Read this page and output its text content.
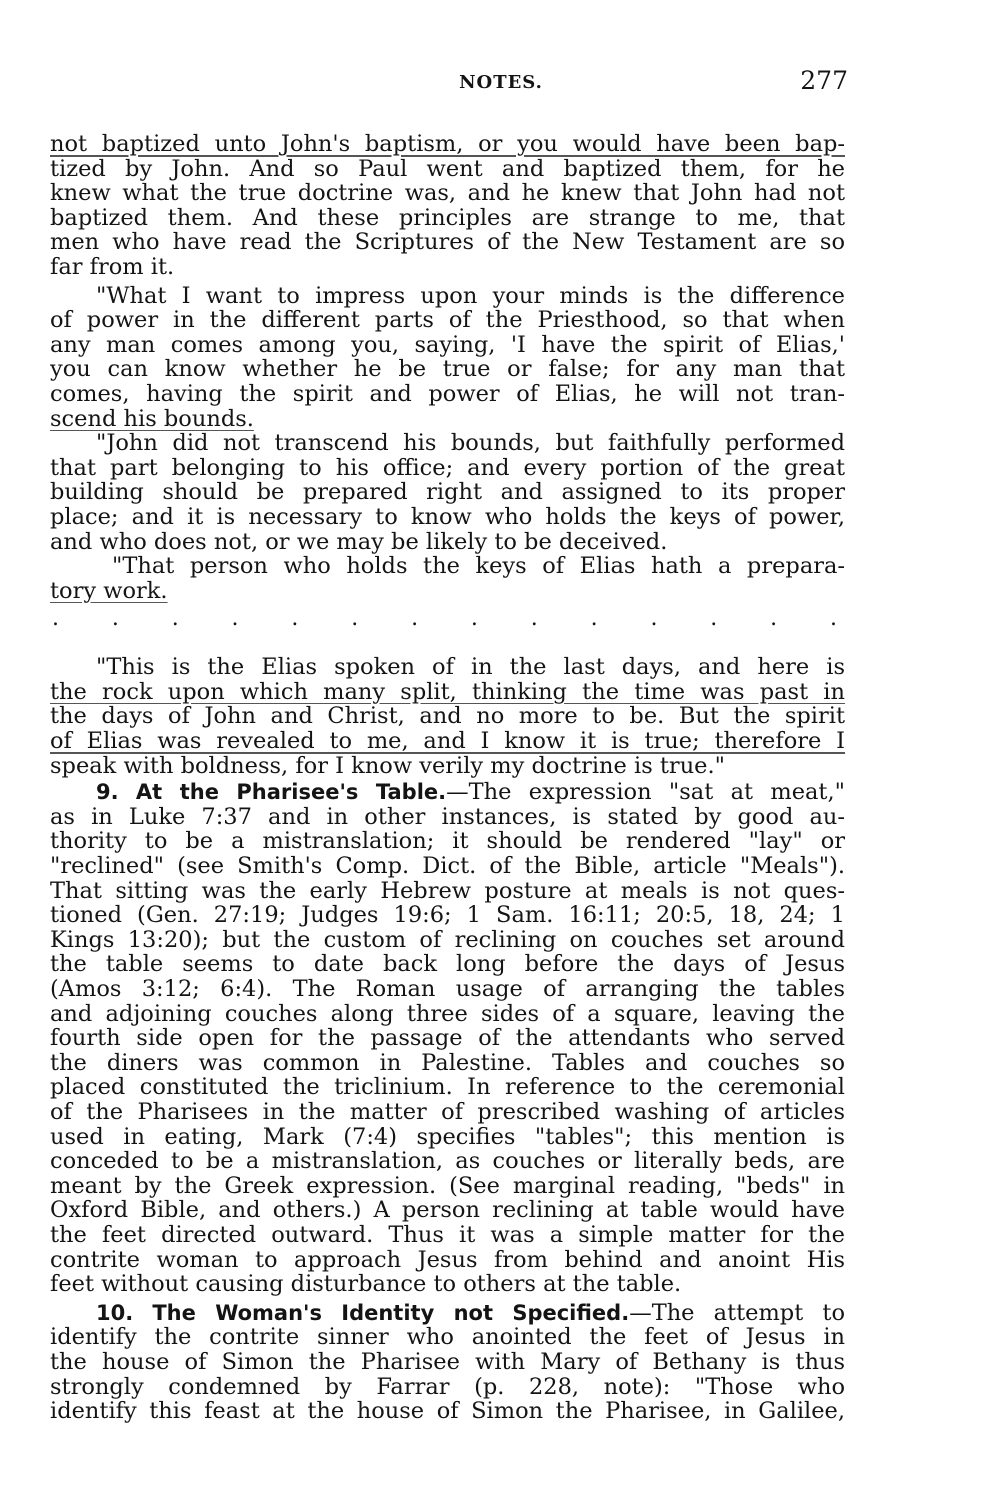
NOTES.	277
not baptized unto John's baptism, or you would have been bap-
tized by John. And so Paul went and baptized them, for he
knew what the true doctrine was, and he knew that John had not
baptized them. And these principles are strange to me, that
men who have read the Scriptures of the New Testament are so
far from it.
"What I want to impress upon your minds is the difference
of power in the different parts of the Priesthood, so that when
any man comes among you, saying, 'I have the spirit of Elias,'
you can know whether he be true or false; for any man that
comes, having the spirit and power of Elias, he will not tran-
scend his bounds.
"John did not transcend his bounds, but faithfully performed
that part belonging to his office; and every portion of the great
building should be prepared right and assigned to its proper
place; and it is necessary to know who holds the keys of power,
and who does not, or we may be likely to be deceived.
"That person who holds the keys of Elias hath a prepara-
tory work.
. . . . . . . . . . . . . .
"This is the Elias spoken of in the last days, and here is
the rock upon which many split, thinking the time was past in
the days of John and Christ, and no more to be. But the spirit
of Elias was revealed to me, and I know it is true; therefore I
speak with boldness, for I know verily my doctrine is true."
9. At the Pharisee's Table.—The expression "sat at meat,"
as in Luke 7:37 and in other instances, is stated by good au-
thority to be a mistranslation; it should be rendered "lay" or
"reclined" (see Smith's Comp. Dict. of the Bible, article "Meals").
That sitting was the early Hebrew posture at meals is not ques-
tioned (Gen. 27:19; Judges 19:6; 1 Sam. 16:11; 20:5, 18, 24; 1
Kings 13:20); but the custom of reclining on couches set around
the table seems to date back long before the days of Jesus
(Amos 3:12; 6:4). The Roman usage of arranging the tables
and adjoining couches along three sides of a square, leaving the
fourth side open for the passage of the attendants who served
the diners was common in Palestine. Tables and couches so
placed constituted the triclinium. In reference to the ceremonial
of the Pharisees in the matter of prescribed washing of articles
used in eating, Mark (7:4) specifies "tables"; this mention is
conceded to be a mistranslation, as couches or literally beds, are
meant by the Greek expression. (See marginal reading, "beds" in
Oxford Bible, and others.) A person reclining at table would have
the feet directed outward. Thus it was a simple matter for the
contrite woman to approach Jesus from behind and anoint His
feet without causing disturbance to others at the table.
10. The Woman's Identity not Specified.—The attempt to
identify the contrite sinner who anointed the feet of Jesus in
the house of Simon the Pharisee with Mary of Bethany is thus
strongly condemned by Farrar (p. 228, note): "Those who
identify this feast at the house of Simon the Pharisee, in Galilee,
